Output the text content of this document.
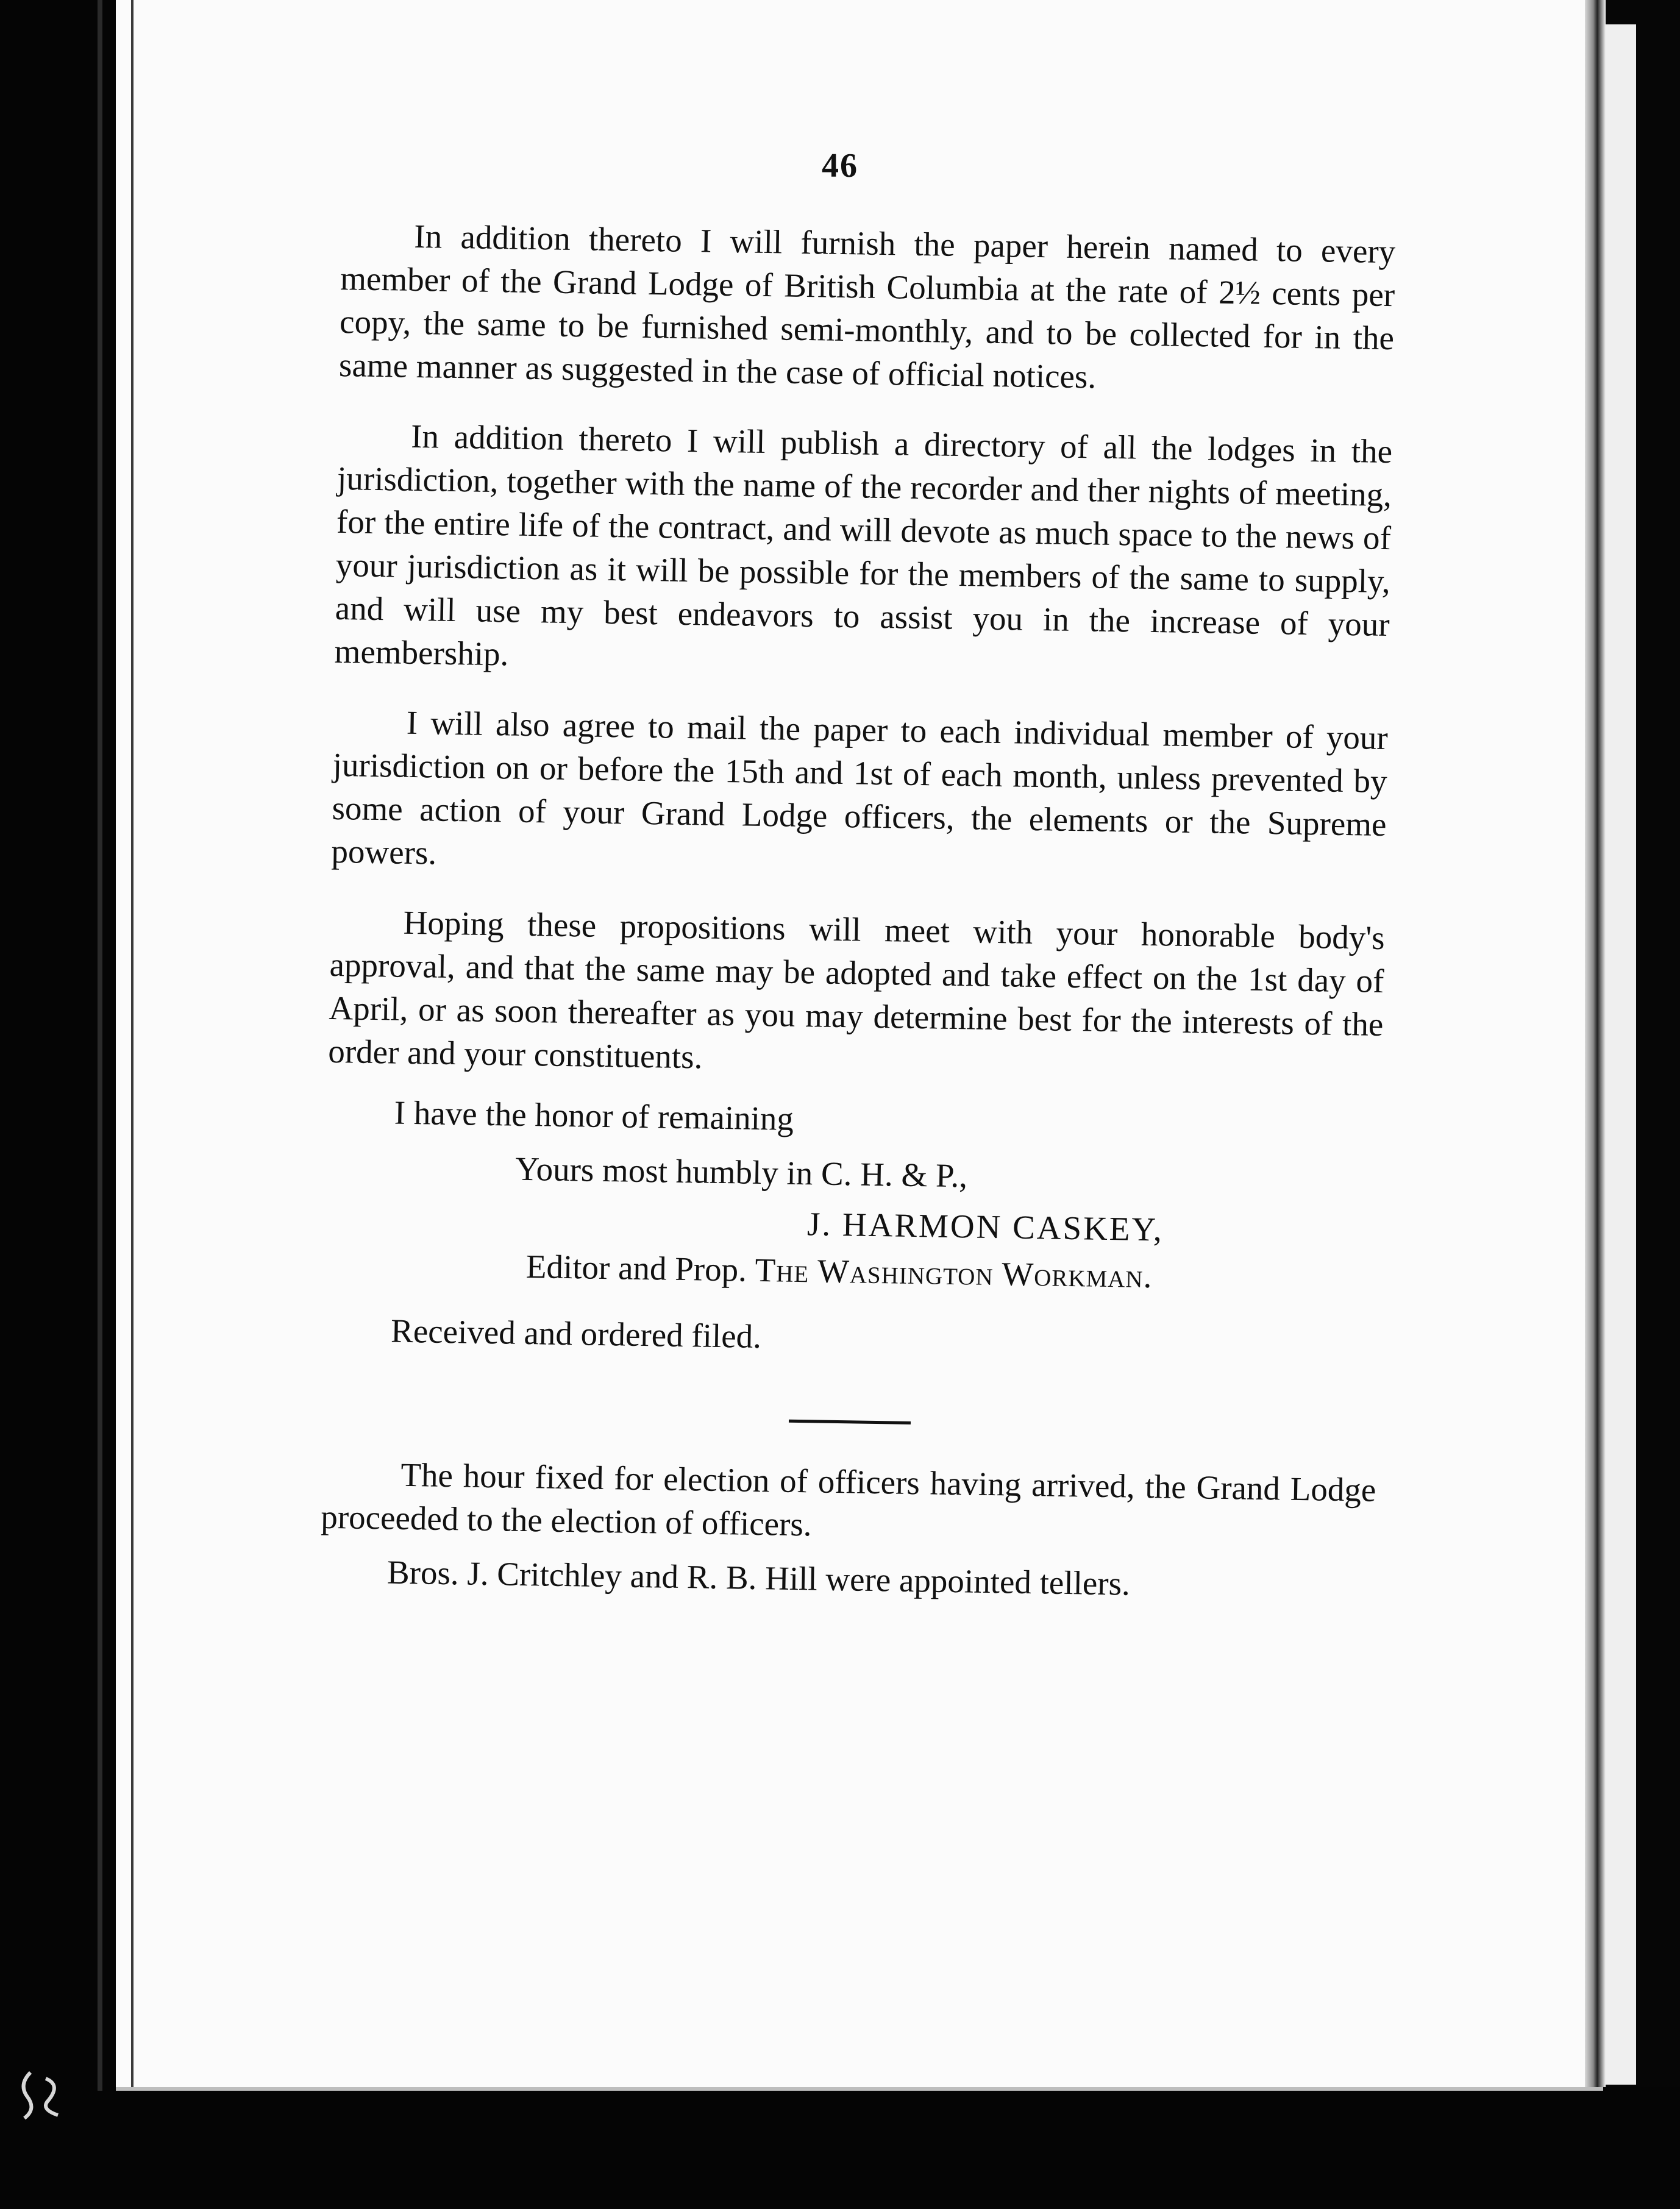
46

In addition thereto I will furnish the paper herein named to every member of the Grand Lodge of British Columbia at the rate of 2½ cents per copy, the same to be furnished semi-monthly, and to be collected for in the same manner as suggested in the case of official notices.

In addition thereto I will publish a directory of all the lodges in the jurisdiction, together with the name of the recorder and ther nights of meeting, for the entire life of the contract, and will devote as much space to the news of your jurisdiction as it will be possible for the members of the same to supply, and will use my best endeavors to assist you in the increase of your membership.

I will also agree to mail the paper to each individual member of your jurisdiction on or before the 15th and 1st of each month, unless prevented by some action of your Grand Lodge officers, the elements or the Supreme powers.

Hoping these propositions will meet with your honorable body's approval, and that the same may be adopted and take effect on the 1st day of April, or as soon thereafter as you may determine best for the interests of the order and your constituents.

I have the honor of remaining

Yours most humbly in C. H. & P.,

J. HARMON CASKEY,

Editor and Prop. The Washington Workman.

Received and ordered filed.

The hour fixed for election of officers having arrived, the Grand Lodge proceeded to the election of officers.

Bros. J. Critchley and R. B. Hill were appointed tellers.
